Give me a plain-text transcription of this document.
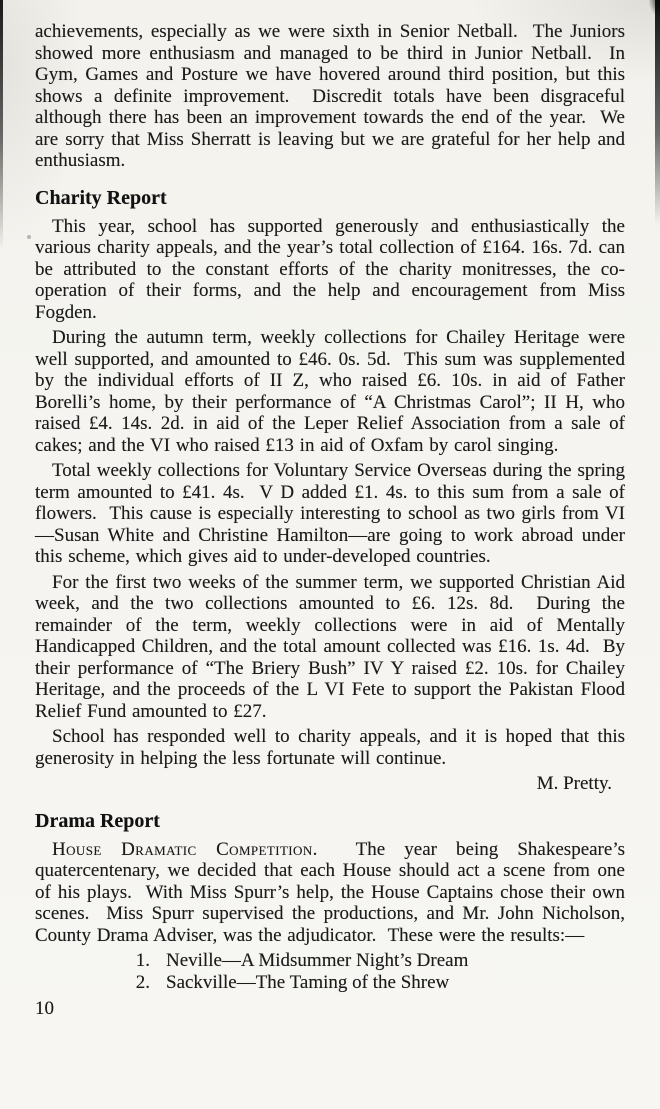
achievements, especially as we were sixth in Senior Netball.  The Juniors showed more enthusiasm and managed to be third in Junior Netball.  In Gym, Games and Posture we have hovered around third position, but this shows a definite improvement.  Discredit totals have been disgraceful although there has been an improvement towards the end of the year.  We are sorry that Miss Sherratt is leaving but we are grateful for her help and enthusiasm.

Charity Report

This year, school has supported generously and enthusiastically the various charity appeals, and the year’s total collection of £164. 16s. 7d. can be attributed to the constant efforts of the charity monitresses, the co-operation of their forms, and the help and encouragement from Miss Fogden.

During the autumn term, weekly collections for Chailey Heritage were well supported, and amounted to £46. 0s. 5d.  This sum was supplemented by the individual efforts of II Z, who raised £6. 10s. in aid of Father Borelli’s home, by their performance of “A Christmas Carol”; II H, who raised £4. 14s. 2d. in aid of the Leper Relief Association from a sale of cakes; and the VI who raised £13 in aid of Oxfam by carol singing.

Total weekly collections for Voluntary Service Overseas during the spring term amounted to £41. 4s.  V D added £1. 4s. to this sum from a sale of flowers.  This cause is especially interesting to school as two girls from VI—Susan White and Christine Hamilton—are going to work abroad under this scheme, which gives aid to under-developed countries.

For the first two weeks of the summer term, we supported Christian Aid week, and the two collections amounted to £6. 12s. 8d.  During the remainder of the term, weekly collections were in aid of Mentally Handicapped Children, and the total amount collected was £16. 1s. 4d.  By their performance of “The Briery Bush” IV Y raised £2. 10s. for Chailey Heritage, and the proceeds of the L VI Fete to support the Pakistan Flood Relief Fund amounted to £27.

School has responded well to charity appeals, and it is hoped that this generosity in helping the less fortunate will continue.

M. Pretty.
Drama Report

House Dramatic Competition.  The year being Shakespeare’s quatercentenary, we decided that each House should act a scene from one of his plays.  With Miss Spurr’s help, the House Captains chose their own scenes.  Miss Spurr supervised the productions, and Mr. John Nicholson, County Drama Adviser, was the adjudicator.  These were the results:—

1. Neville—A Midsummer Night’s Dream
2. Sackville—The Taming of the Shrew
10
